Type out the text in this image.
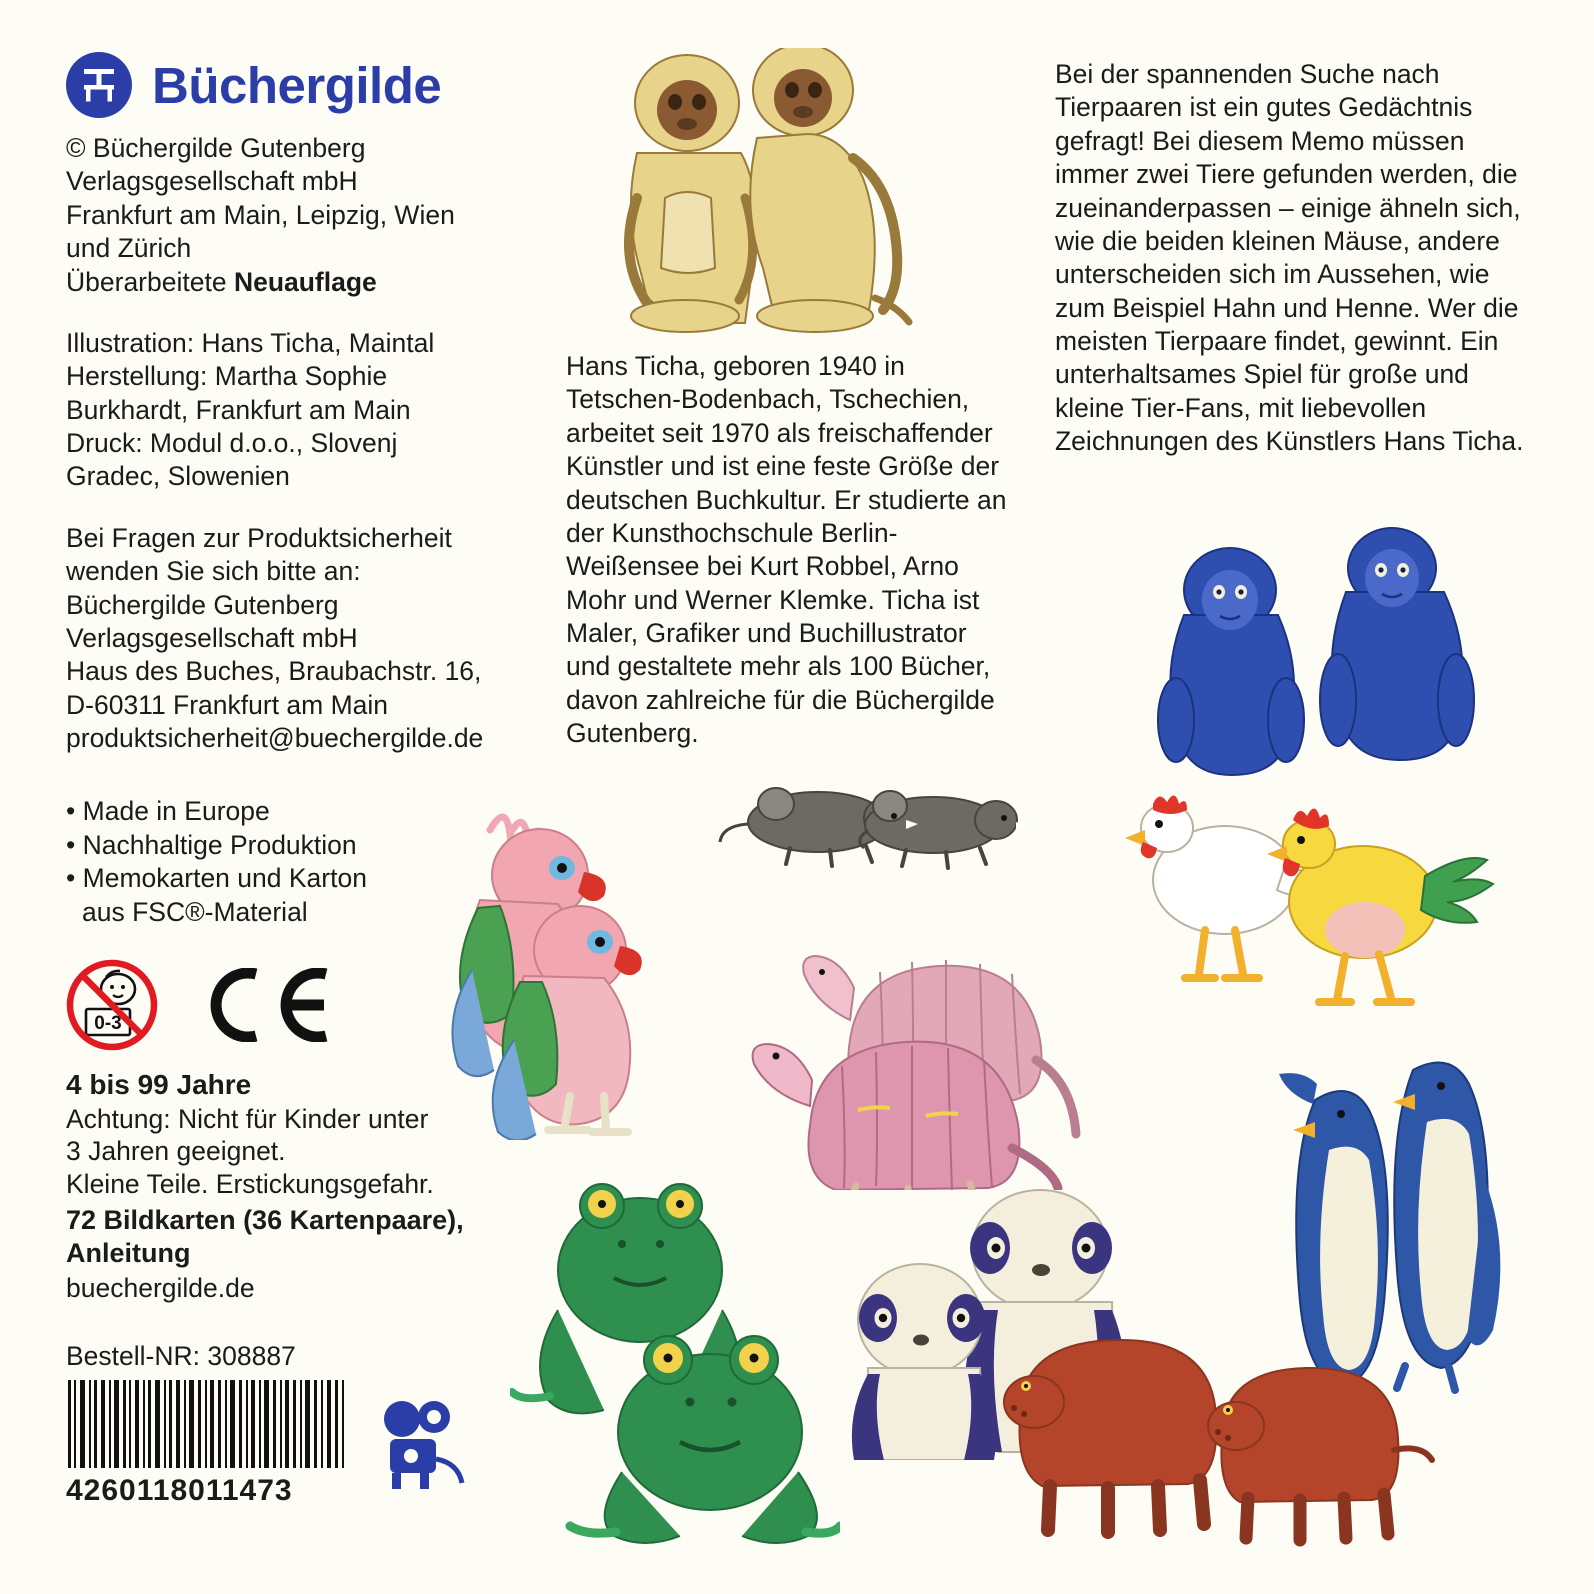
Büchergilde
© Büchergilde Gutenberg
Verlagsgesellschaft mbH
Frankfurt am Main, Leipzig, Wien
und Zürich
Überarbeitete Neuauflage
Illustration: Hans Ticha, Maintal
Herstellung: Martha Sophie
Burkhardt, Frankfurt am Main
Druck: Modul d.o.o., Slovenj
Gradec, Slowenien
Bei Fragen zur Produktsicherheit
wenden Sie sich bitte an:
Büchergilde Gutenberg
Verlagsgesellschaft mbH
Haus des Buches, Braubachstr. 16,
D-60311 Frankfurt am Main
produktsicherheit@buechergilde.de
• Made in Europe
• Nachhaltige Produktion
• Memokarten und Karton
aus FSC®-Material
0-3
4 bis 99 Jahre
Achtung: Nicht für Kinder unter
3 Jahren geeignet.
Kleine Teile. Erstickungsgefahr.
72 Bildkarten (36 Kartenpaare),
Anleitung
buechergilde.de
Bestell-NR: 308887
4260118011473
Hans Ticha, geboren 1940 in Tetschen-Bodenbach, Tschechien, arbeitet seit 1970 als freischaffender Künstler und ist eine feste Größe der deutschen Buchkultur. Er studierte an der Kunsthochschule Berlin-Weißensee bei Kurt Robbel, Arno Mohr und Werner Klemke. Ticha ist Maler, Grafiker und Buchillustrator und gestaltete mehr als 100 Bücher, davon zahlreiche für die Büchergilde Gutenberg.
Bei der spannenden Suche nach Tierpaaren ist ein gutes Gedächtnis gefragt! Bei diesem Memo müssen immer zwei Tiere gefunden werden, die zueinanderpassen – einige ähneln sich, wie die beiden kleinen Mäuse, andere unterscheiden sich im Aussehen, wie zum Beispiel Hahn und Henne. Wer die meisten Tierpaare findet, gewinnt. Ein unterhaltsames Spiel für große und kleine Tier-Fans, mit liebevollen Zeichnungen des Künstlers Hans Ticha.
